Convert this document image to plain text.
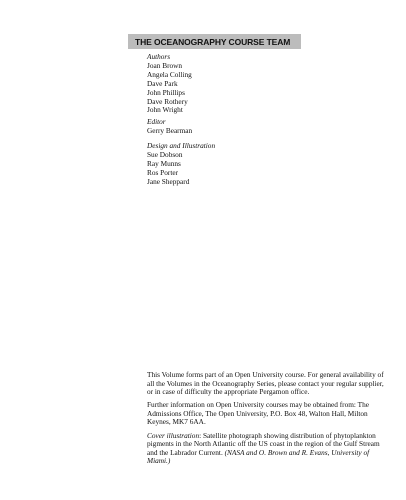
THE OCEANOGRAPHY COURSE TEAM
Authors
Joan Brown
Angela Colling
Dave Park
John Phillips
Dave Rothery
John Wright
Editor
Gerry Bearman
Design and Illustration
Sue Dobson
Ray Munns
Ros Porter
Jane Sheppard

This Volume forms part of an Open University course. For general availability of all the Volumes in the Oceanography Series, please contact your regular supplier, or in case of difficulty the appropriate Pergamon office.

Further information on Open University courses may be obtained from: The Admissions Office, The Open University, P.O. Box 48, Walton Hall, Milton Keynes, MK7 6AA.

Cover illustration: Satellite photograph showing distribution of phytoplankton pigments in the North Atlantic off the US coast in the region of the Gulf Stream and the Labrador Current. (NASA and O. Brown and R. Evans, University of Miami.)
